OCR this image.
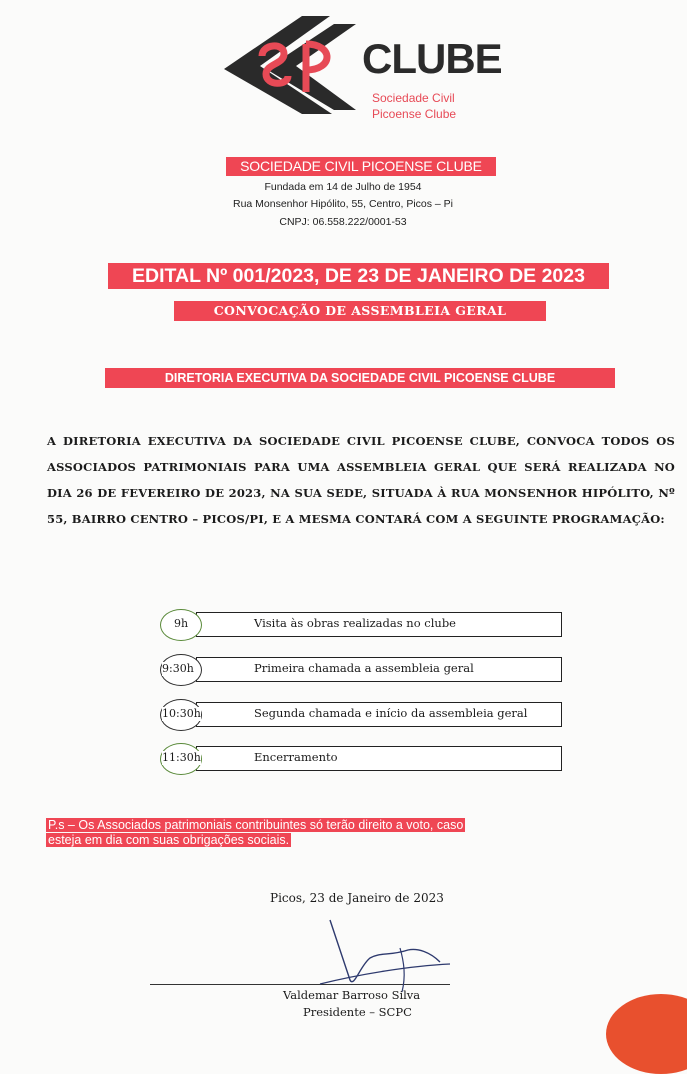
CLUBE
Sociedade Civil
Picoense Clube
SOCIEDADE CIVIL PICOENSE CLUBE
Fundada em 14 de Julho de 1954
Rua Monsenhor Hipólito, 55, Centro, Picos – Pi
CNPJ: 06.558.222/0001-53
EDITAL Nº 001/2023, DE 23 DE JANEIRO DE 2023
CONVOCAÇÃO DE ASSEMBLEIA GERAL
DIRETORIA EXECUTIVA DA SOCIEDADE CIVIL PICOENSE CLUBE
A DIRETORIA EXECUTIVA DA SOCIEDADE CIVIL PICOENSE CLUBE, CONVOCA TODOS OS ASSOCIADOS PATRIMONIAIS PARA UMA ASSEMBLEIA GERAL QUE SERÁ REALIZADA NO DIA 26 DE FEVEREIRO DE 2023, NA SUA SEDE, SITUADA À RUA MONSENHOR HIPÓLITO, Nº 55, BAIRRO CENTRO – PICOS/PI, E A MESMA CONTARÁ COM A SEGUINTE PROGRAMAÇÃO:
9h	Visita às obras realizadas no clube
9:30h	Primeira chamada a assembleia geral
10:30h	Segunda chamada e início da assembleia geral
11:30h	Encerramento
P.s – Os Associados patrimoniais contribuintes só terão direito a voto, caso
esteja em dia com suas obrigações sociais.
Picos, 23 de Janeiro de 2023
Valdemar Barroso Silva
Presidente – SCPC
